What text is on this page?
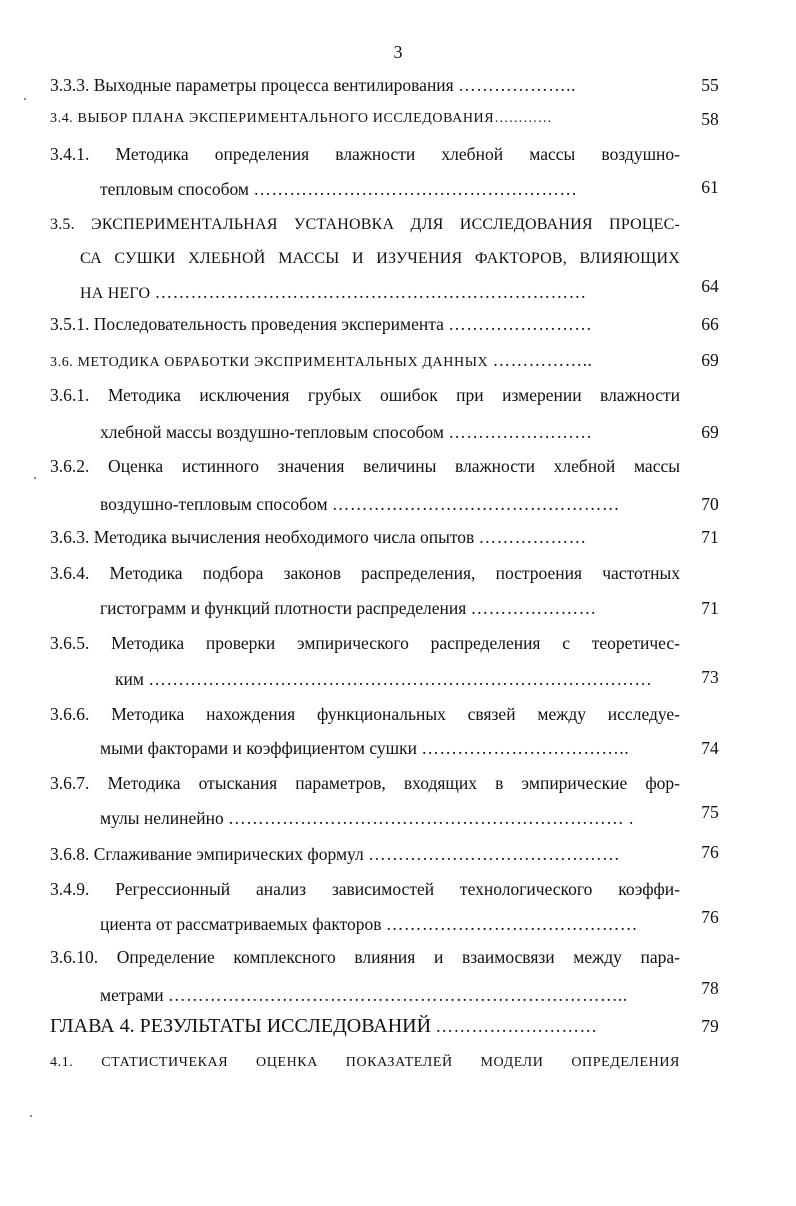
3
3.3.3. Выходные параметры процесса вентилирования ………………..	55
3.4. ВЫБОР ПЛАНА ЭКСПЕРИМЕНТАЛЬНОГО ИССЛЕДОВАНИЯ…………	58
3.4.1. Методика определения влажности хлебной массы воздушно-
тепловым способом ………………………………………………	61
3.5. ЭКСПЕРИМЕНТАЛЬНАЯ УСТАНОВКА ДЛЯ ИССЛЕДОВАНИЯ ПРОЦЕС-
СА СУШКИ ХЛЕБНОЙ МАССЫ И ИЗУЧЕНИЯ ФАКТОРОВ, ВЛИЯЮЩИХ
НА НЕГО ………………………………………………………………	64
3.5.1. Последовательность проведения эксперимента ……………………	66
3.6. МЕТОДИКА ОБРАБОТКИ ЭКСПРИМЕНТАЛЬНЫХ ДАННЫХ ……………..	69
3.6.1. Методика исключения грубых ошибок при измерении влажности
хлебной массы воздушно-тепловым способом ……………………	69
3.6.2. Оценка истинного значения величины влажности хлебной массы
воздушно-тепловым способом …………………………………………	70
3.6.3. Методика вычисления необходимого числа опытов ………………	71
3.6.4. Методика подбора законов распределения, построения частотных
гистограмм и функций плотности распределения …………………	71
3.6.5. Методика проверки эмпирического распределения с теоретичес-
ким …………………………………………………………………………	73
3.6.6. Методика нахождения функциональных связей между исследуе-
мыми факторами и коэффициентом сушки ……………………………..	74
3.6.7. Методика отыскания параметров, входящих в эмпирические фор-
мулы нелинейно ………………………………………………………… .	75
3.6.8. Сглаживание эмпирических формул ……………………………………	76
3.4.9. Регрессионный анализ зависимостей технологического коэффи-
циента от рассматриваемых факторов ……………………………………	76
3.6.10. Определение комплексного влияния и взаимосвязи между пара-
метрами …………………………………………………………………..	78
ГЛАВА 4. РЕЗУЛЬТАТЫ ИССЛЕДОВАНИЙ ………………………	79
4.1. СТАТИСТИЧЕКАЯ ОЦЕНКА ПОКАЗАТЕЛЕЙ МОДЕЛИ ОПРЕДЕЛЕНИЯ
